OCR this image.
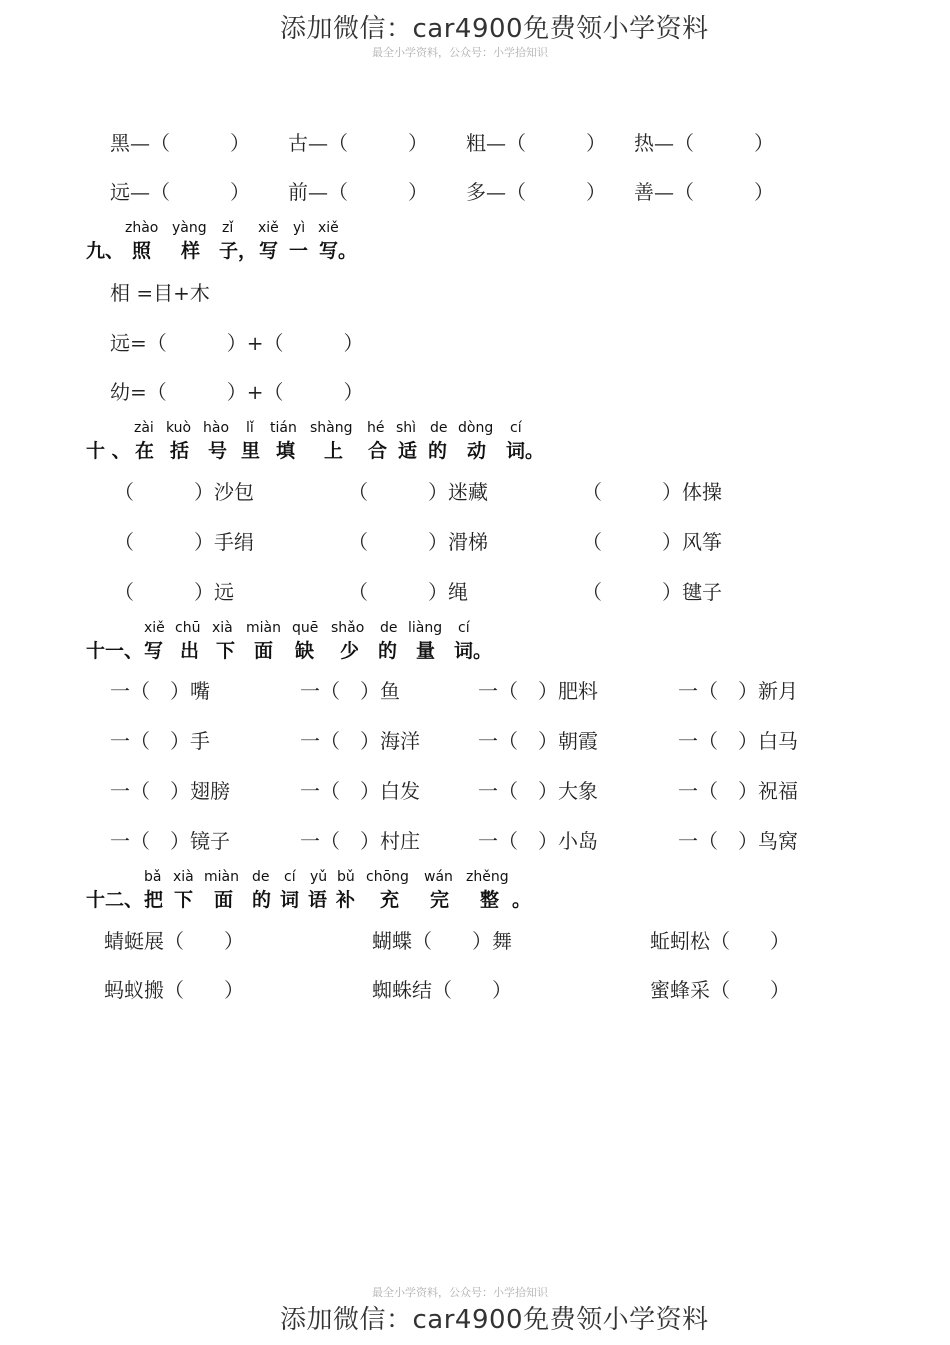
添加微信：car4900免费领小学资料
最全小学资料，公众号：小学拾知识
黑—（　　　） 古—（　　　） 粗—（　　　） 热—（　　　）
远—（　　　） 前—（　　　） 多—（　　　） 善—（　　　）
九、
zhào
照
yàng
样
zǐ
子，
xiě
写
yì
一
xiě
写。
相 =目+木
远=（　　　）+（　　　）
幼=（　　　）+（　　　）
十 、
zài
在
kuò
括
hào
号
lǐ
里
tián
填
shàng
上
hé
合
shì
适
de
的
dòng
动
cí
词。
（　　　）沙包	（　　　）迷藏	（　　　）体操
（　　　）手绢	（　　　）滑梯	（　　　）风筝
（　　　）远	（　　　）绳	（　　　）毽子
十一、
xiě
写
chū
出
xià
下
miàn
面
quē
缺
shǎo
少
de
的
liàng
量
cí
词。
一（　）嘴	一（　）鱼	一（　）肥料	一（　）新月
一（　）手	一（　）海洋	一（　）朝霞	一（　）白马
一（　）翅膀	一（　）白发	一（　）大象	一（　）祝福
一（　）镜子	一（　）村庄	一（　）小岛	一（　）鸟窝
十二、
bǎ
把
xià
下
miàn
面
de
的
cí
词
yǔ
语
bǔ
补
chōng
充
wán
完
zhěng
整 。
蜻蜓展（　　）	蝴蝶（　　）舞	蚯蚓松（　　）
蚂蚁搬（　　）	蜘蛛结（　　）	蜜蜂采（　　）
最全小学资料，公众号：小学拾知识
添加微信：car4900免费领小学资料
